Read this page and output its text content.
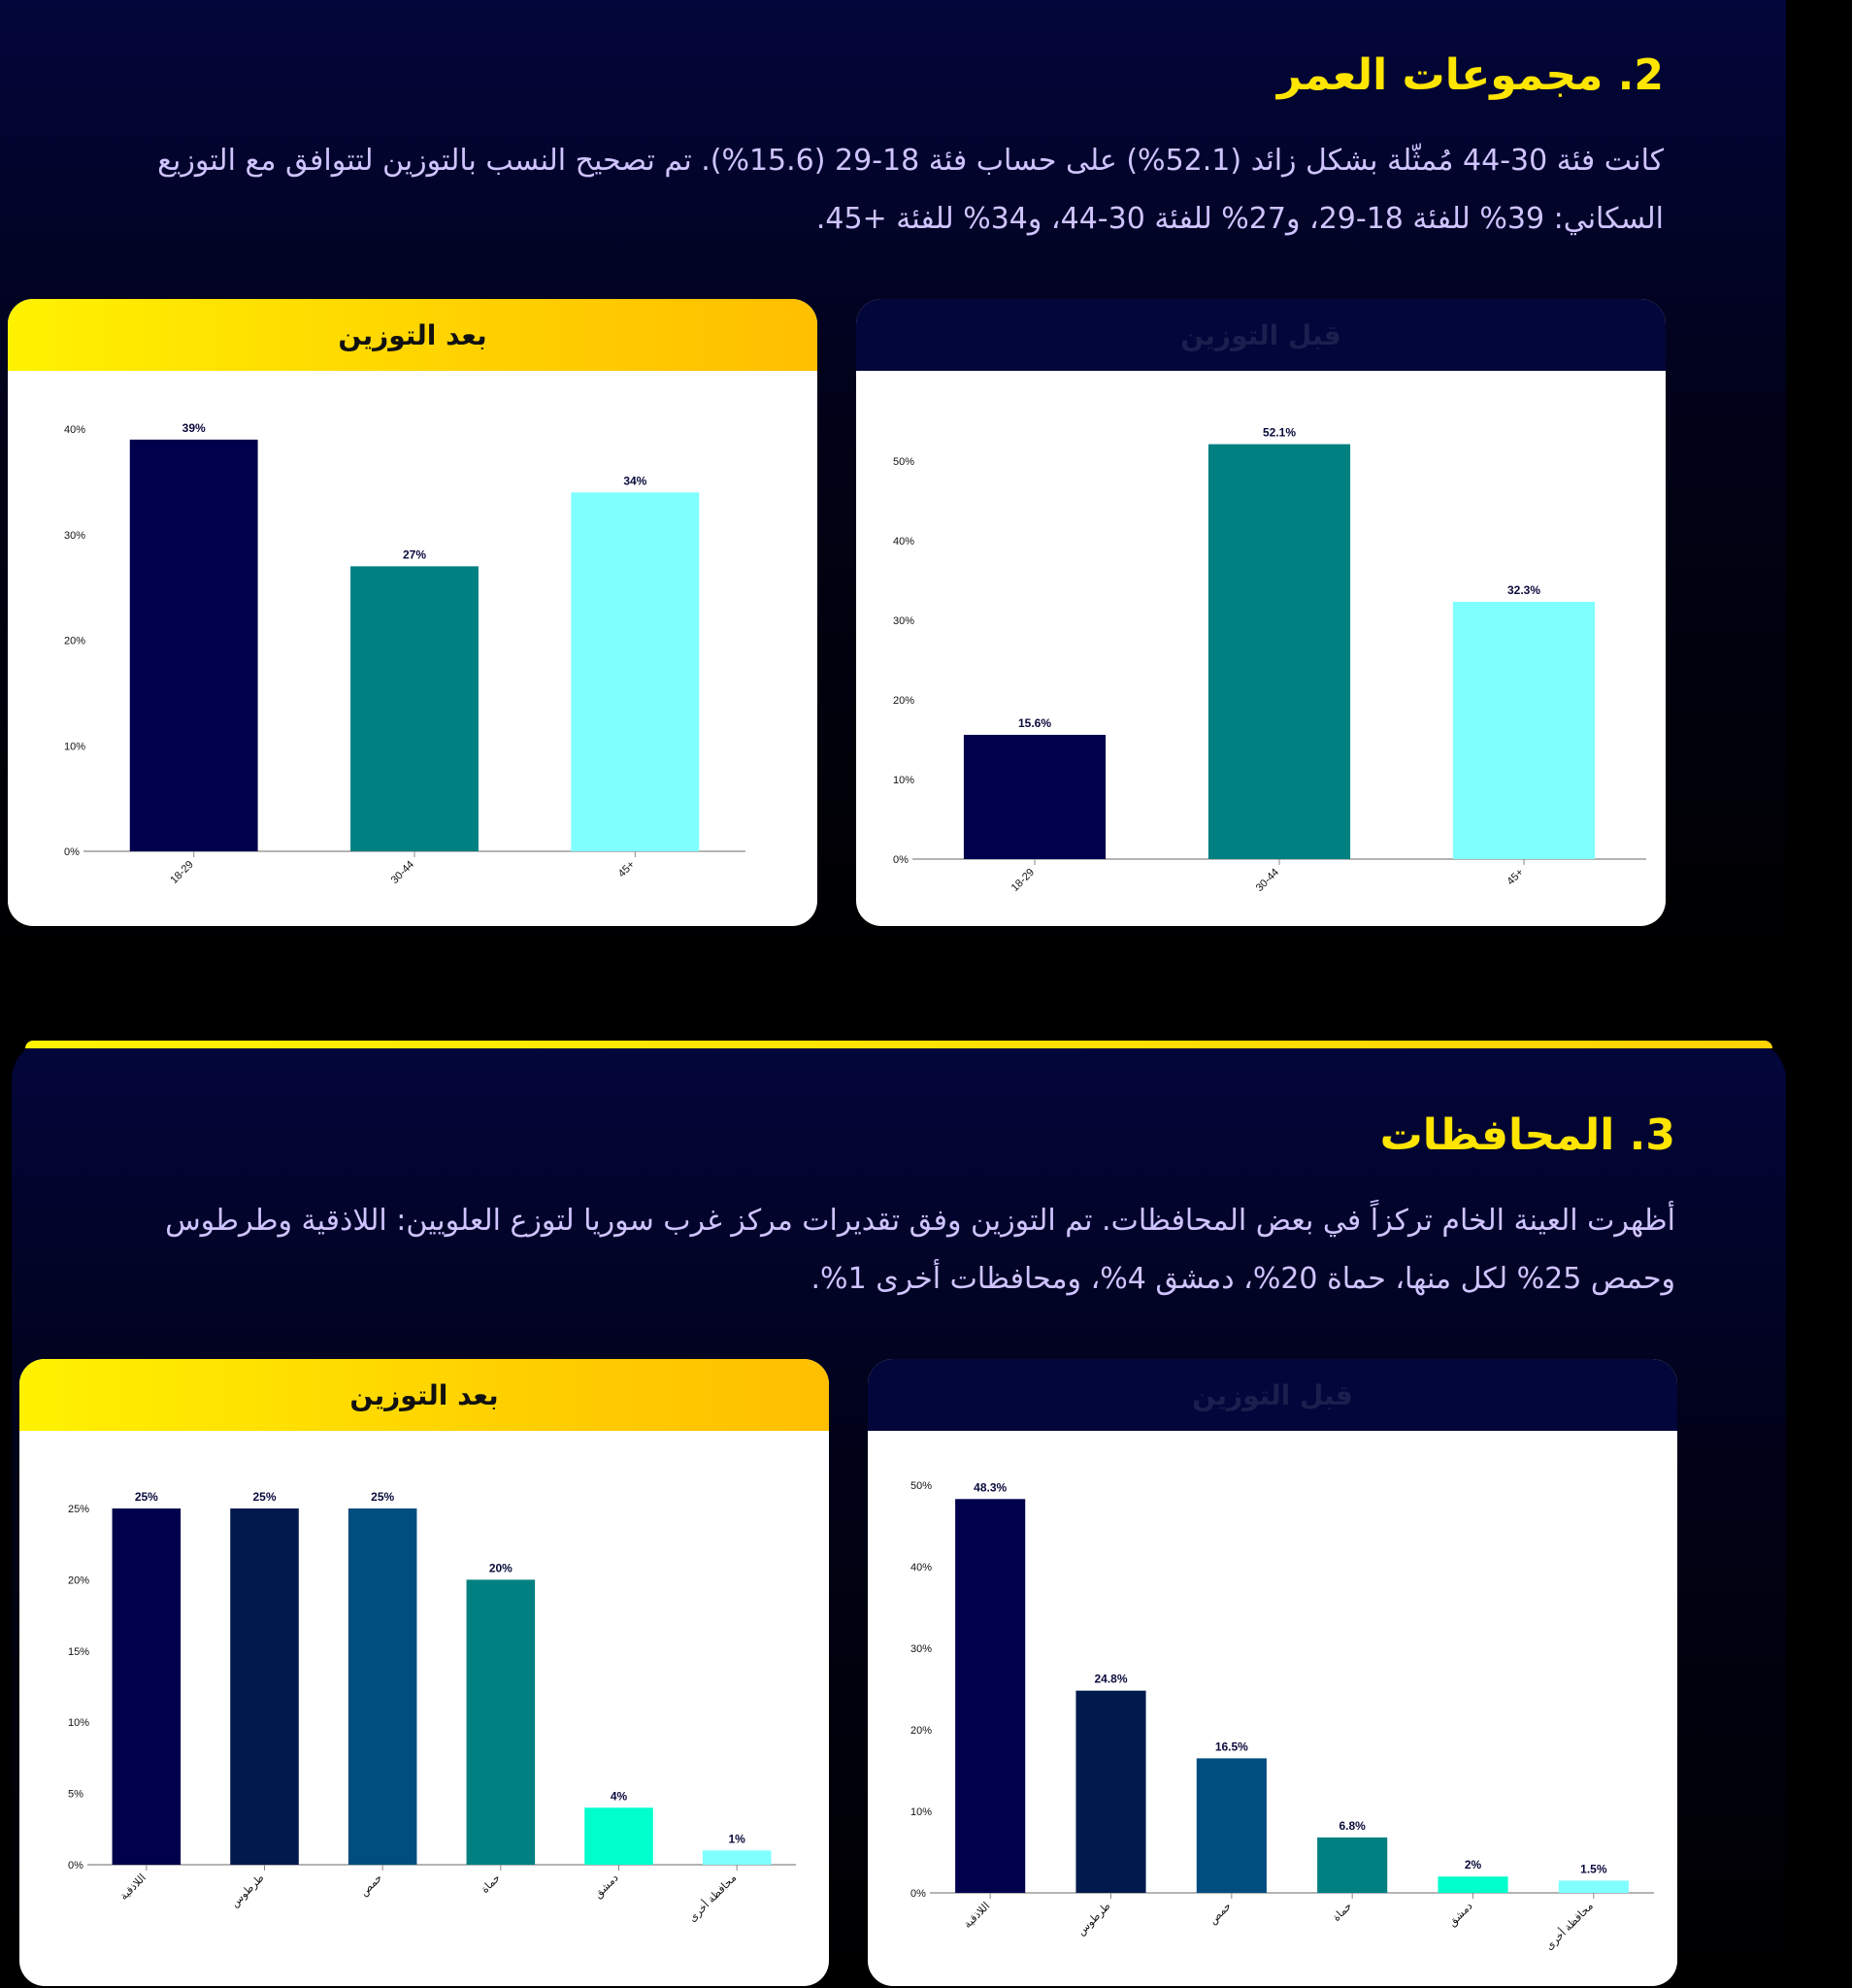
2. مجموعات العمر

كانت فئة 30-44 مُمثّلة بشكل زائد (52.1%) على حساب فئة 18-29 (15.6%). تم تصحيح النسب بالتوزين لتتوافق مع التوزيع السكاني: 39% للفئة 18-29، و27% للفئة 30-44، و34% للفئة +45.

قبل التوزين
0%
10%
20%
30%
40%
50%
15.6%
18-29
52.1%
30-44
32.3%
45+
بعد التوزين
0%
10%
20%
30%
40%	39%
18-29
27%
30-44
34%
45+
3. المحافظات

أظهرت العينة الخام تركزاً في بعض المحافظات. تم التوزين وفق تقديرات مركز غرب سوريا لتوزع العلويين: اللاذقية وطرطوس وحمص 25% لكل منها، حماة 20%، دمشق 4%، ومحافظات أخرى 1%.

قبل التوزين
0%
10%
20%
30%
40%
50%	48.3%
اللاذقية
24.8%
طرطوس
16.5%
حمص
6.8%
حماة
2%
دمشق
1.5%
محافظة أخرى
بعد التوزين
0%
5%
10%
15%
20%
25%
25%
اللاذقية
25%
طرطوس
25%
حمص
20%
حماة
4%
دمشق
1%
محافظة أخرى
